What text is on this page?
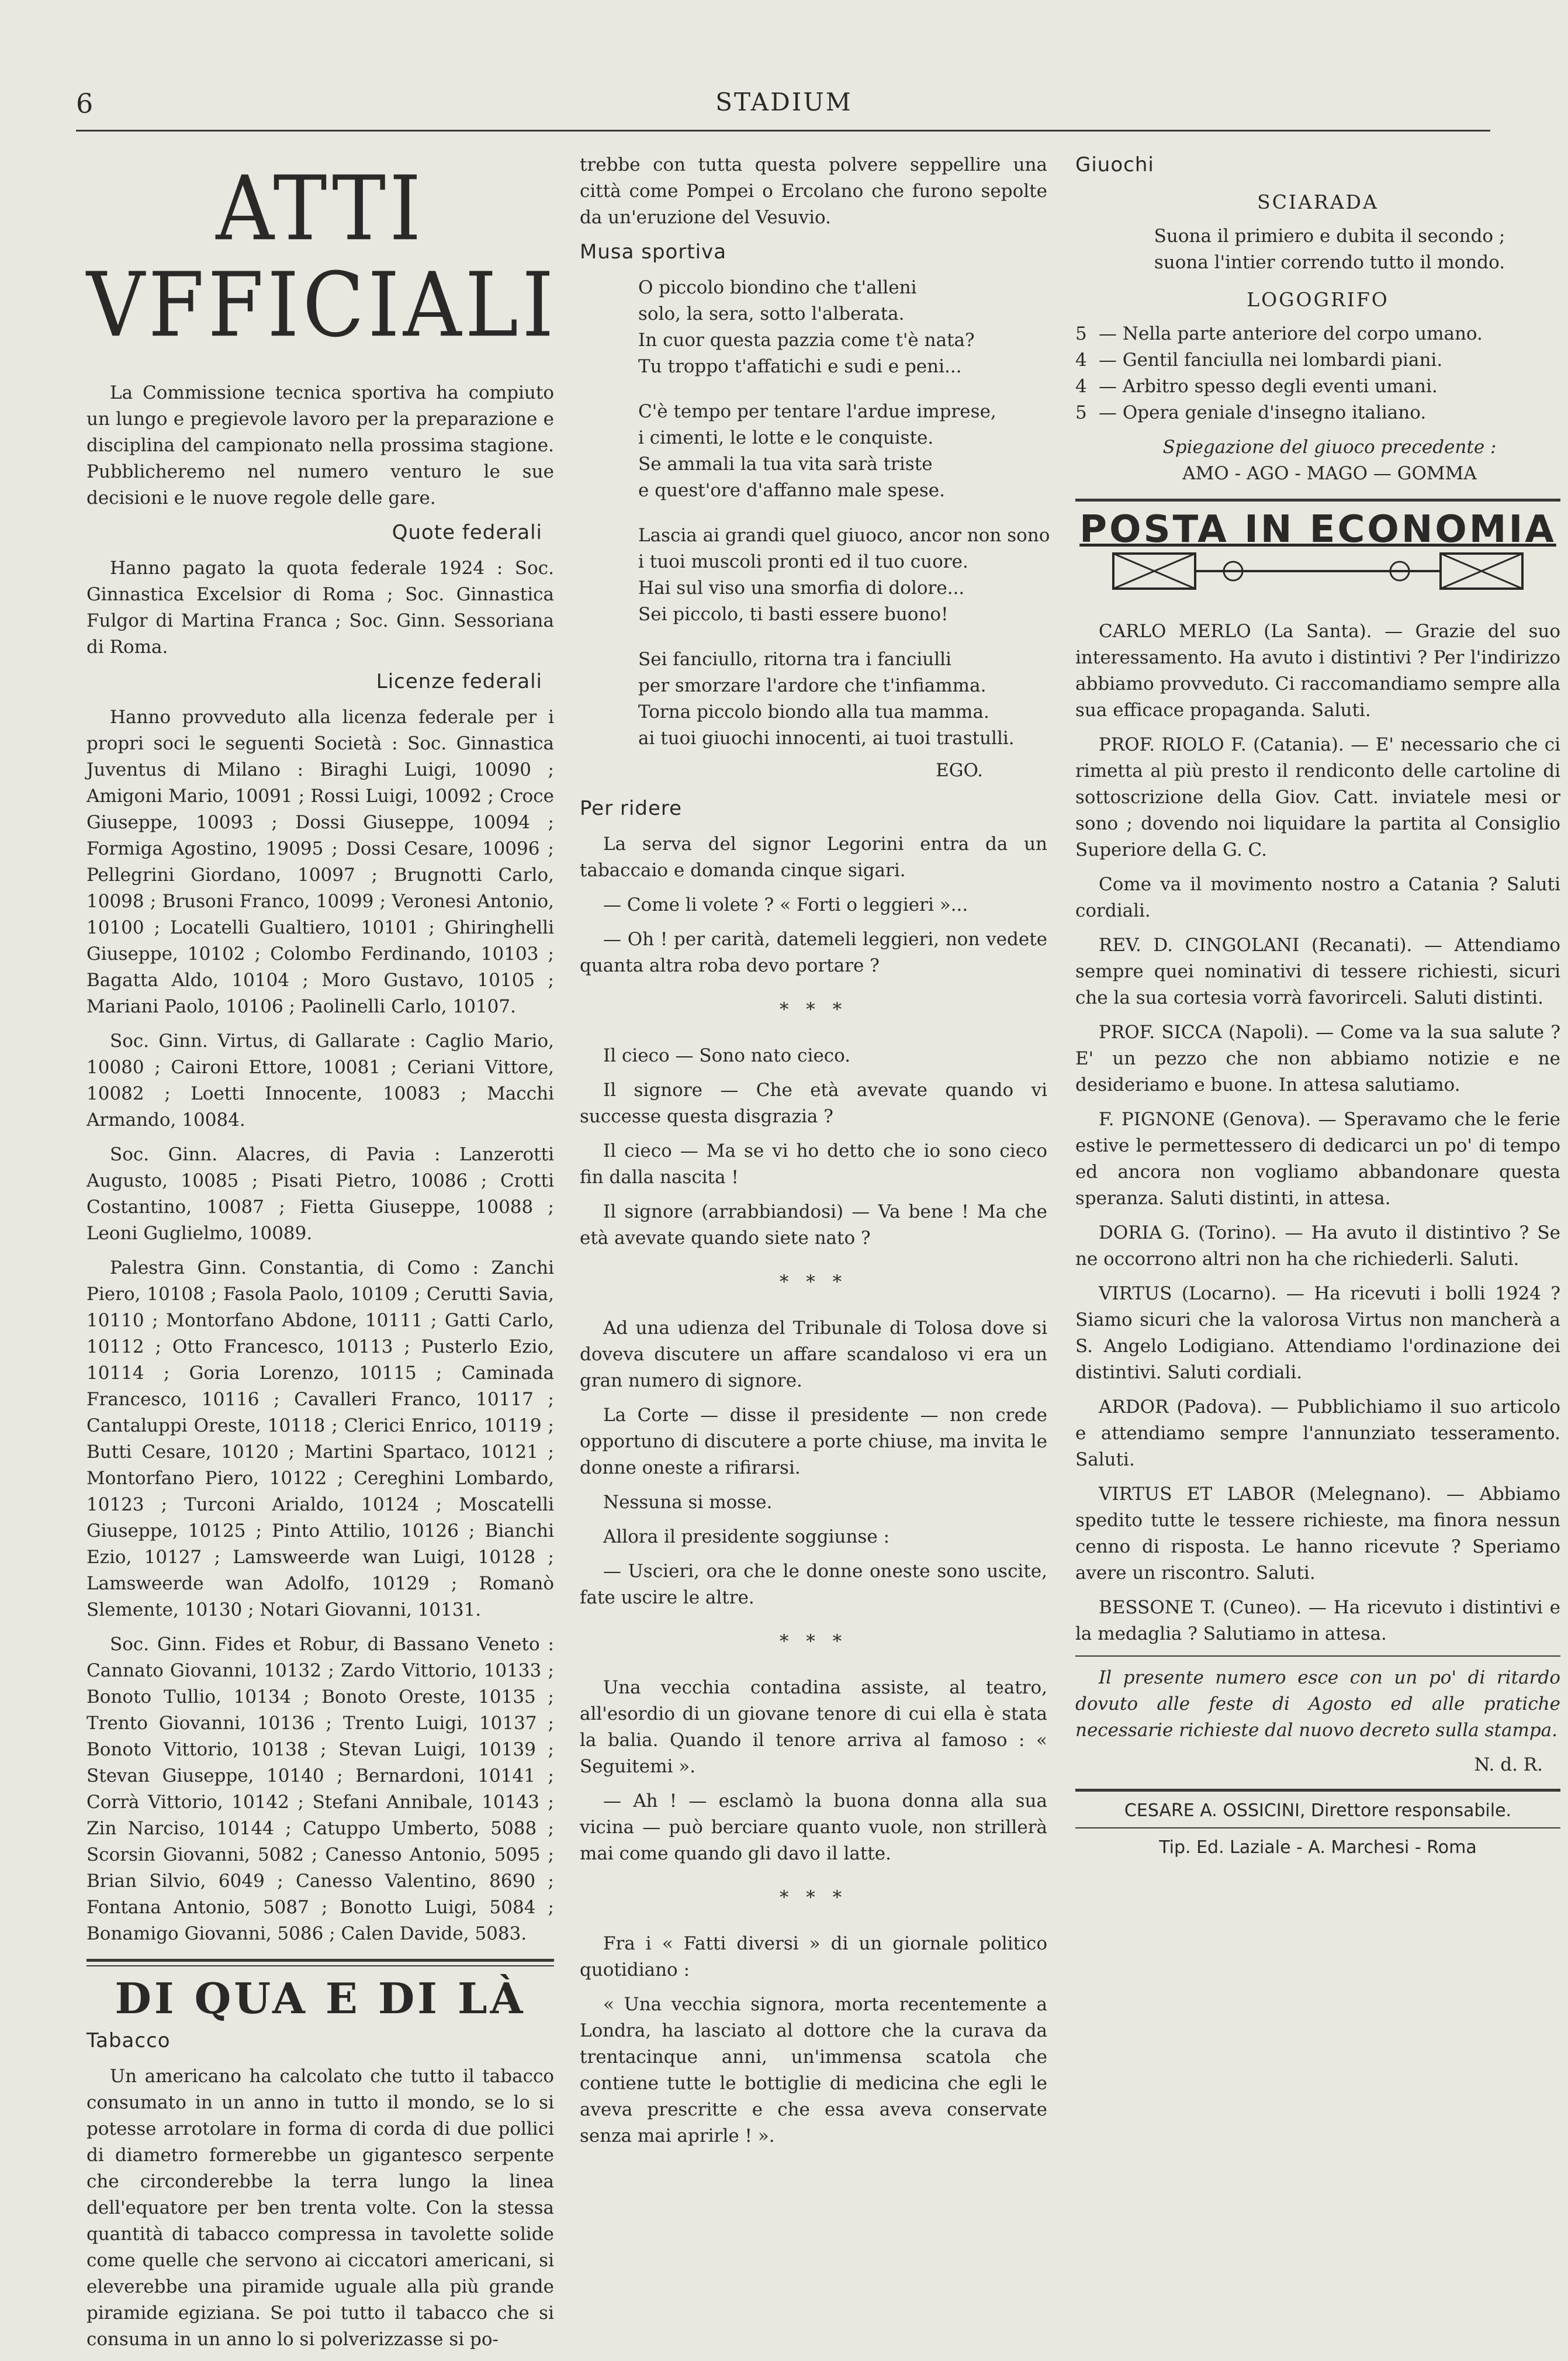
6	STADIUM
ATTI VFFICIALI

La Commissione tecnica sportiva ha compiuto un lungo e pregievole lavoro per la preparazione e disciplina del campionato nella prossima stagione. Pubblicheremo nel numero venturo le sue decisioni e le nuove regole delle gare.

Quote federali

Hanno pagato la quota federale 1924 : Soc. Ginnastica Excelsior di Roma ; Soc. Ginnastica Fulgor di Martina Franca ; Soc. Ginn. Sessoriana di Roma.

Licenze federali

Hanno provveduto alla licenza federale per i propri soci le seguenti Società : Soc. Ginnastica Juventus di Milano : Biraghi Luigi, 10090 ; Amigoni Mario, 10091 ; Rossi Luigi, 10092 ; Croce Giuseppe, 10093 ; Dossi Giuseppe, 10094 ; Formiga Agostino, 19095 ; Dossi Cesare, 10096 ; Pellegrini Giordano, 10097 ; Brugnotti Carlo, 10098 ; Brusoni Franco, 10099 ; Veronesi Antonio, 10100 ; Locatelli Gualtiero, 10101 ; Ghiringhelli Giuseppe, 10102 ; Colombo Ferdinando, 10103 ; Bagatta Aldo, 10104 ; Moro Gustavo, 10105 ; Mariani Paolo, 10106 ; Paolinelli Carlo, 10107.

Soc. Ginn. Virtus, di Gallarate : Caglio Mario, 10080 ; Caironi Ettore, 10081 ; Ceriani Vittore, 10082 ; Loetti Innocente, 10083 ; Macchi Armando, 10084.

Soc. Ginn. Alacres, di Pavia : Lanzerotti Augusto, 10085 ; Pisati Pietro, 10086 ; Crotti Costantino, 10087 ; Fietta Giuseppe, 10088 ; Leoni Guglielmo, 10089.

Palestra Ginn. Constantia, di Como : Zanchi Piero, 10108 ; Fasola Paolo, 10109 ; Cerutti Savia, 10110 ; Montorfano Abdone, 10111 ; Gatti Carlo, 10112 ; Otto Francesco, 10113 ; Pusterlo Ezio, 10114 ; Goria Lorenzo, 10115 ; Caminada Francesco, 10116 ; Cavalleri Franco, 10117 ; Cantaluppi Oreste, 10118 ; Clerici Enrico, 10119 ; Butti Cesare, 10120 ; Martini Spartaco, 10121 ; Montorfano Piero, 10122 ; Cereghini Lombardo, 10123 ; Turconi Arialdo, 10124 ; Moscatelli Giuseppe, 10125 ; Pinto Attilio, 10126 ; Bianchi Ezio, 10127 ; Lamsweerde wan Luigi, 10128 ; Lamsweerde wan Adolfo, 10129 ; Romanò Slemente, 10130 ; Notari Giovanni, 10131.

Soc. Ginn. Fides et Robur, di Bassano Veneto : Cannato Giovanni, 10132 ; Zardo Vittorio, 10133 ; Bonoto Tullio, 10134 ; Bonoto Oreste, 10135 ; Trento Giovanni, 10136 ; Trento Luigi, 10137 ; Bonoto Vittorio, 10138 ; Stevan Luigi, 10139 ; Stevan Giuseppe, 10140 ; Bernardoni, 10141 ; Corrà Vittorio, 10142 ; Stefani Annibale, 10143 ; Zin Narciso, 10144 ; Catuppo Umberto, 5088 ; Scorsin Giovanni, 5082 ; Canesso Antonio, 5095 ; Brian Silvio, 6049 ; Canesso Valentino, 8690 ; Fontana Antonio, 5087 ; Bonotto Luigi, 5084 ; Bonamigo Giovanni, 5086 ; Calen Davide, 5083.

DI QUA E DI LÀ
Tabacco

Un americano ha calcolato che tutto il tabacco consumato in un anno in tutto il mondo, se lo si potesse arrotolare in forma di corda di due pollici di diametro formerebbe un gigantesco serpente che circonderebbe la terra lungo la linea dell'equatore per ben trenta volte. Con la stessa quantità di tabacco compressa in tavolette solide come quelle che servono ai ciccatori americani, si eleverebbe una piramide uguale alla più grande piramide egiziana. Se poi tutto il tabacco che si consuma in un anno lo si polverizzasse si po-

trebbe con tutta questa polvere seppellire una città come Pompei o Ercolano che furono sepolte da un'eruzione del Vesuvio.

Musa sportiva
O piccolo biondino che t'alleni
solo, la sera, sotto l'alberata.
In cuor questa pazzia come t'è nata?
Tu troppo t'affatichi e sudi e peni...
C'è tempo per tentare l'ardue imprese,
i cimenti, le lotte e le conquiste.
Se ammali la tua vita sarà triste
e quest'ore d'affanno male spese.
Lascia ai grandi quel giuoco, ancor non sono
i tuoi muscoli pronti ed il tuo cuore.
Hai sul viso una smorfia di dolore...
Sei piccolo, ti basti essere buono!
Sei fanciullo, ritorna tra i fanciulli
per smorzare l'ardore che t'infiamma.
Torna piccolo biondo alla tua mamma.
ai tuoi giuochi innocenti, ai tuoi trastulli.
EGO.
Per ridere

La serva del signor Legorini entra da un tabaccaio e domanda cinque sigari.

— Come li volete ? « Forti o leggieri »...

— Oh ! per carità, datemeli leggieri, non vedete quanta altra roba devo portare ?

* * *

Il cieco — Sono nato cieco.

Il signore — Che età avevate quando vi successe questa disgrazia ?

Il cieco — Ma se vi ho detto che io sono cieco fin dalla nascita !

Il signore (arrabbiandosi) — Va bene ! Ma che età avevate quando siete nato ?

* * *

Ad una udienza del Tribunale di Tolosa dove si doveva discutere un affare scandaloso vi era un gran numero di signore.

La Corte — disse il presidente — non crede opportuno di discutere a porte chiuse, ma invita le donne oneste a rifirarsi.

Nessuna si mosse.

Allora il presidente soggiunse :

— Uscieri, ora che le donne oneste sono uscite, fate uscire le altre.

* * *

Una vecchia contadina assiste, al teatro, all'esordio di un giovane tenore di cui ella è stata la balia. Quando il tenore arriva al famoso : « Seguitemi ».

— Ah ! — esclamò la buona donna alla sua vicina — può berciare quanto vuole, non strillerà mai come quando gli davo il latte.

* * *

Fra i « Fatti diversi » di un giornale politico quotidiano :

« Una vecchia signora, morta recentemente a Londra, ha lasciato al dottore che la curava da trentacinque anni, un'immensa scatola che contiene tutte le bottiglie di medicina che egli le aveva prescritte e che essa aveva conservate senza mai aprirle ! ».

Giuochi
SCIARADA

Suona il primiero e dubita il secondo ;

suona l'intier correndo tutto il mondo.

LOGOGRIFO
5 — Nella parte anteriore del corpo umano.
4 — Gentil fanciulla nei lombardi piani.
4 — Arbitro spesso degli eventi umani.
5 — Opera geniale d'insegno italiano.

Spiegazione del giuoco precedente :

AMO - AGO - MAGO — GOMMA

POSTA IN ECONOMIA

CARLO MERLO (La Santa). — Grazie del suo interessamento. Ha avuto i distintivi ? Per l'indirizzo abbiamo provveduto. Ci raccomandiamo sempre alla sua efficace propaganda. Saluti.

PROF. RIOLO F. (Catania). — E' necessario che ci rimetta al più presto il rendiconto delle cartoline di sottoscrizione della Giov. Catt. inviatele mesi or sono ; dovendo noi liquidare la partita al Consiglio Superiore della G. C.

Come va il movimento nostro a Catania ? Saluti cordiali.

REV. D. CINGOLANI (Recanati). — Attendiamo sempre quei nominativi di tessere richiesti, sicuri che la sua cortesia vorrà favorirceli. Saluti distinti.

PROF. SICCA (Napoli). — Come va la sua salute ? E' un pezzo che non abbiamo notizie e ne desideriamo e buone. In attesa salutiamo.

F. PIGNONE (Genova). — Speravamo che le ferie estive le permettessero di dedicarci un po' di tempo ed ancora non vogliamo abbandonare questa speranza. Saluti distinti, in attesa.

DORIA G. (Torino). — Ha avuto il distintivo ? Se ne occorrono altri non ha che richiederli. Saluti.

VIRTUS (Locarno). — Ha ricevuti i bolli 1924 ? Siamo sicuri che la valorosa Virtus non mancherà a S. Angelo Lodigiano. Attendiamo l'ordinazione dei distintivi. Saluti cordiali.

ARDOR (Padova). — Pubblichiamo il suo articolo e attendiamo sempre l'annunziato tesseramento. Saluti.

VIRTUS ET LABOR (Melegnano). — Abbiamo spedito tutte le tessere richieste, ma finora nessun cenno di risposta. Le hanno ricevute ? Speriamo avere un riscontro. Saluti.

BESSONE T. (Cuneo). — Ha ricevuto i distintivi e la medaglia ? Salutiamo in attesa.

Il presente numero esce con un po' di ritardo dovuto alle feste di Agosto ed alle pratiche necessarie richieste dal nuovo decreto sulla stampa.

N. d. R.
CESARE A. OSSICINI, Direttore responsabile.
Tip. Ed. Laziale - A. Marchesi - Roma
